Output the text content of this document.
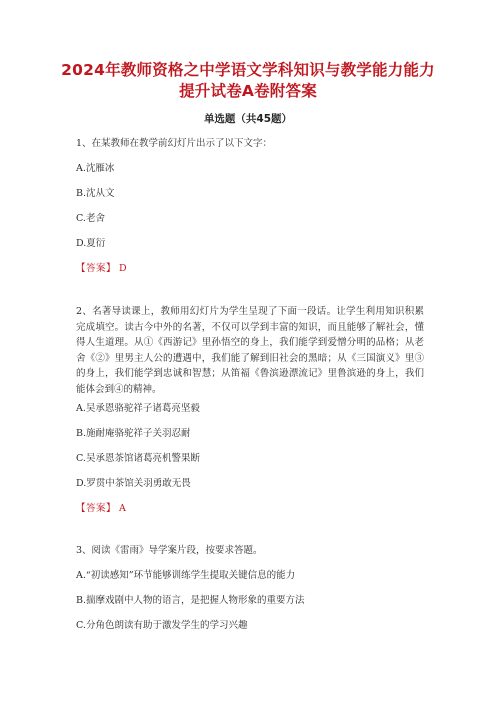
2024年教师资格之中学语文学科知识与教学能力能力提升试卷A卷附答案
单选题（共45题）
1、在某教师在教学前幻灯片出示了以下文字：
A.沈雁冰
B.沈从文
C.老舍
D.夏衍
【答案】 D
2、名著导读课上，教师用幻灯片为学生呈现了下面一段话。让学生利用知识积累完成填空。读古今中外的名著，不仅可以学到丰富的知识，而且能够了解社会，懂得人生道理。从①《西游记》里孙悟空的身上，我们能学到爱憎分明的品格；从老舍《②》里男主人公的遭遇中，我们能了解到旧社会的黑暗；从《三国演义》里③的身上，我们能学到忠诚和智慧；从笛福《鲁滨逊漂流记》里鲁滨逊的身上，我们能体会到④的精神。
A.吴承恩骆驼祥子诸葛亮坚毅
B.施耐庵骆驼祥子关羽忍耐
C.吴承恩茶馆诸葛亮机警果断
D.罗贯中茶馆关羽勇敢无畏
【答案】 A
3、阅读《雷雨》导学案片段，按要求答题。
A.“初读感知”环节能够训练学生提取关键信息的能力
B.揣摩戏剧中人物的语言，是把握人物形象的重要方法
C.分角色朗读有助于激发学生的学习兴趣
